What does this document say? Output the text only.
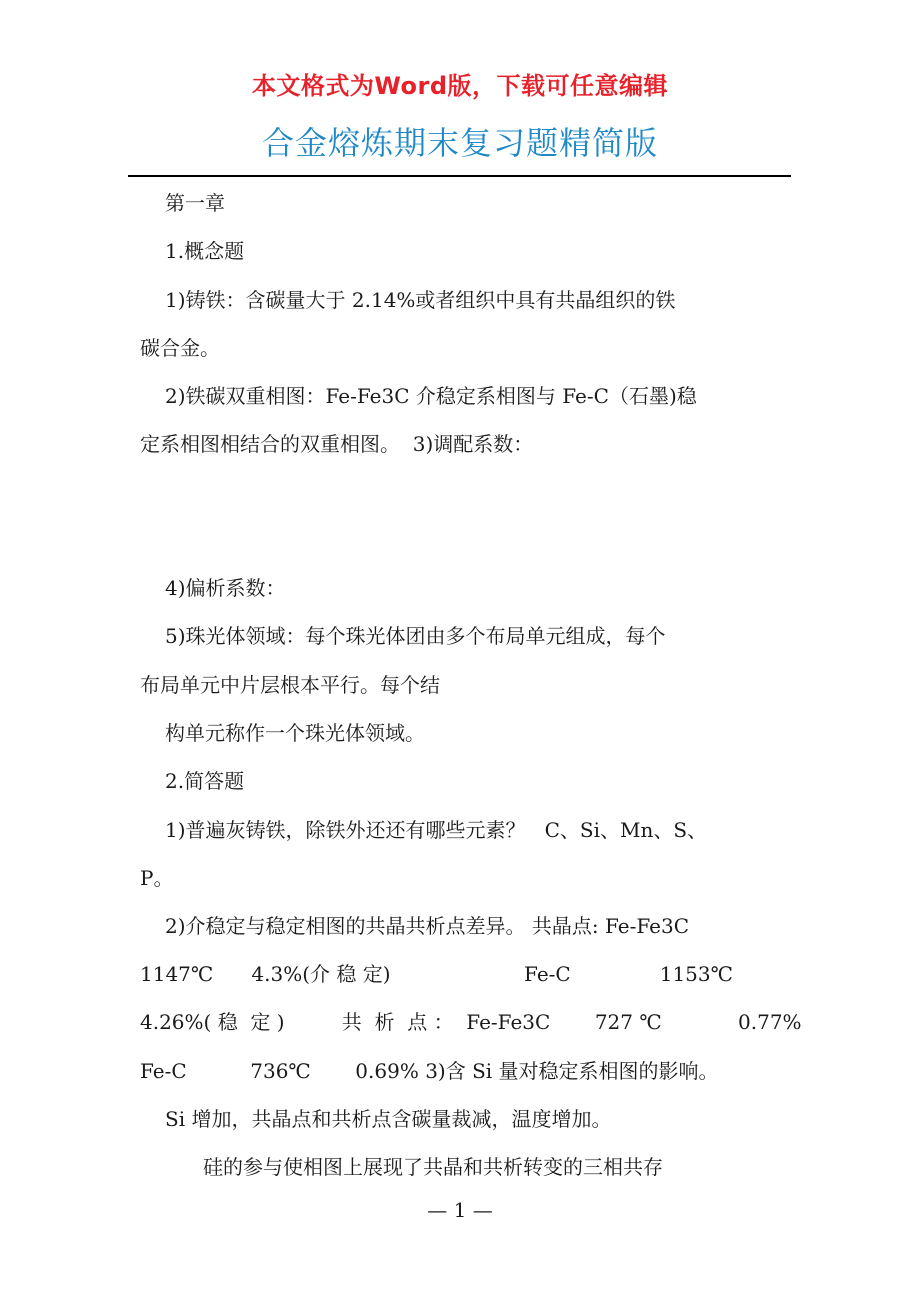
本文格式为Word版，下载可任意编辑
合金熔炼期末复习题精简版
第一章
1.概念题
1)铸铁：含碳量大于 2.14%或者组织中具有共晶组织的铁
碳合金。
2)铁碳双重相图：Fe-Fe3C 介稳定系相图与 Fe-C（石墨)稳
定系相图相结合的双重相图。  3)调配系数：
4)偏析系数：
5)珠光体领域：每个珠光体团由多个布局单元组成，每个
布局单元中片层根本平行。每个结
构单元称作一个珠光体领域。
2.简答题
1)普遍灰铸铁，除铁外还还有哪些元素？   C、Si、Mn、S、
P。
2)介稳定与稳定相图的共晶共析点差异。 共晶点: Fe-Fe3C
1147℃      4.3%(介 稳 定)                     Fe-C              1153℃
4.26%( 稳  定 )         共  析  点 ：  Fe-Fe3C       727 ℃            0.77%
Fe-C          736℃       0.69% 3)含 Si 量对稳定系相图的影响。
Si 增加，共晶点和共析点含碳量裁减，温度增加。
硅的参与使相图上展现了共晶和共析转变的三相共存
— 1 —
